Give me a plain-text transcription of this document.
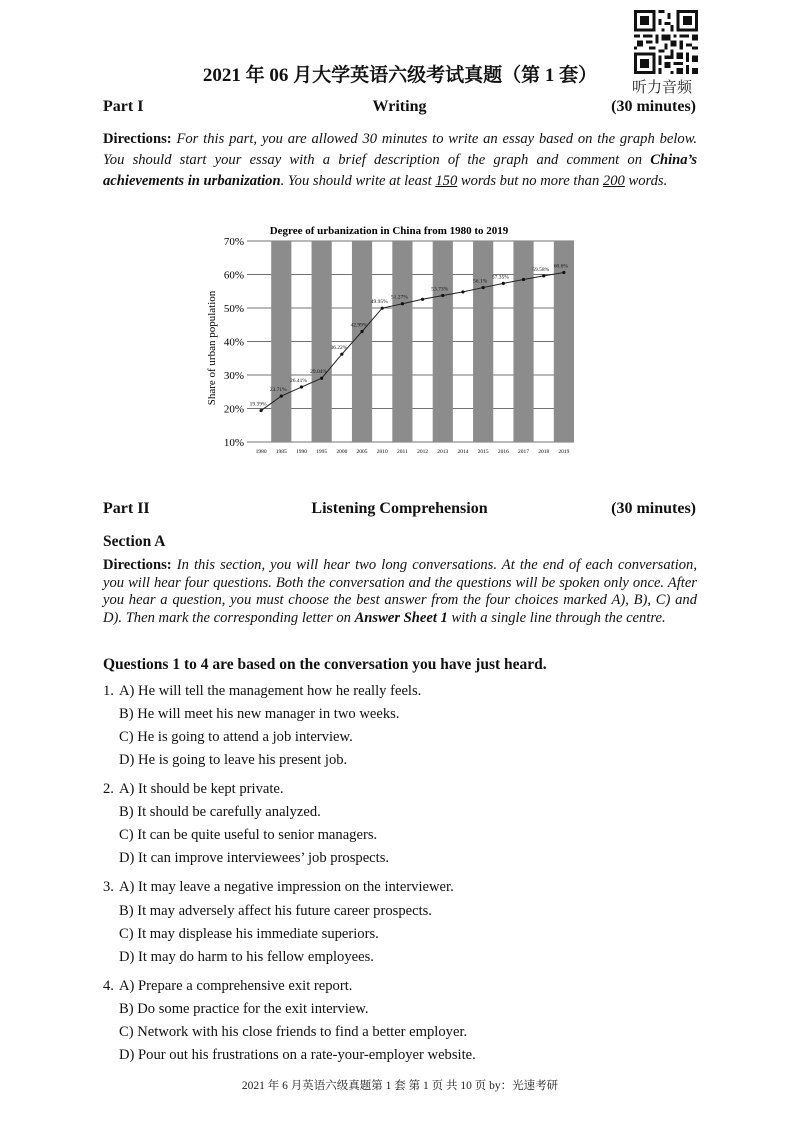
听力音频
2021 年 06 月大学英语六级考试真题（第 1 套）
Part I	Writing	(30 minutes)
Directions: For this part, you are allowed 30 minutes to write an essay based on the graph below. You should start your essay with a brief description of the graph and comment on China’s achievements in urbanization. You should write at least 150 words but no more than 200 words.
10%
20%
30%
40%
50%
60%
70%
1980 1985 1990 1995 2000 2005 2010 2011 2012 2013 2014 2015 2016 2017 2018 2019
19.39%
23.71%
26.41%
29.04%
36.22%
42.99%
49.95%
51.27%
53.73%
56.1%
57.35%
59.58%
60.6%
Degree of urbanization in China from 1980 to 2019
Share of urban population
Part II	Listening Comprehension	(30 minutes)
Section A
Directions: In this section, you will hear two long conversations. At the end of each conversation, you will hear four questions. Both the conversation and the questions will be spoken only once. After you hear a question, you must choose the best answer from the four choices marked A), B), C) and D). Then mark the corresponding letter on Answer Sheet 1 with a single line through the centre.
Questions 1 to 4 are based on the conversation you have just heard.
1. A) He will tell the management how he really feels.
B) He will meet his new manager in two weeks.
C) He is going to attend a job interview.
D) He is going to leave his present job.
2. A) It should be kept private.
B) It should be carefully analyzed.
C) It can be quite useful to senior managers.
D) It can improve interviewees’ job prospects.
3. A) It may leave a negative impression on the interviewer.
B) It may adversely affect his future career prospects.
C) It may displease his immediate superiors.
D) It may do harm to his fellow employees.
4. A) Prepare a comprehensive exit report.
B) Do some practice for the exit interview.
C) Network with his close friends to find a better employer.
D) Pour out his frustrations on a rate-your-employer website.
2021 年 6 月英语六级真题第 1 套 第 1 页 共 10 页 by：光速考研
